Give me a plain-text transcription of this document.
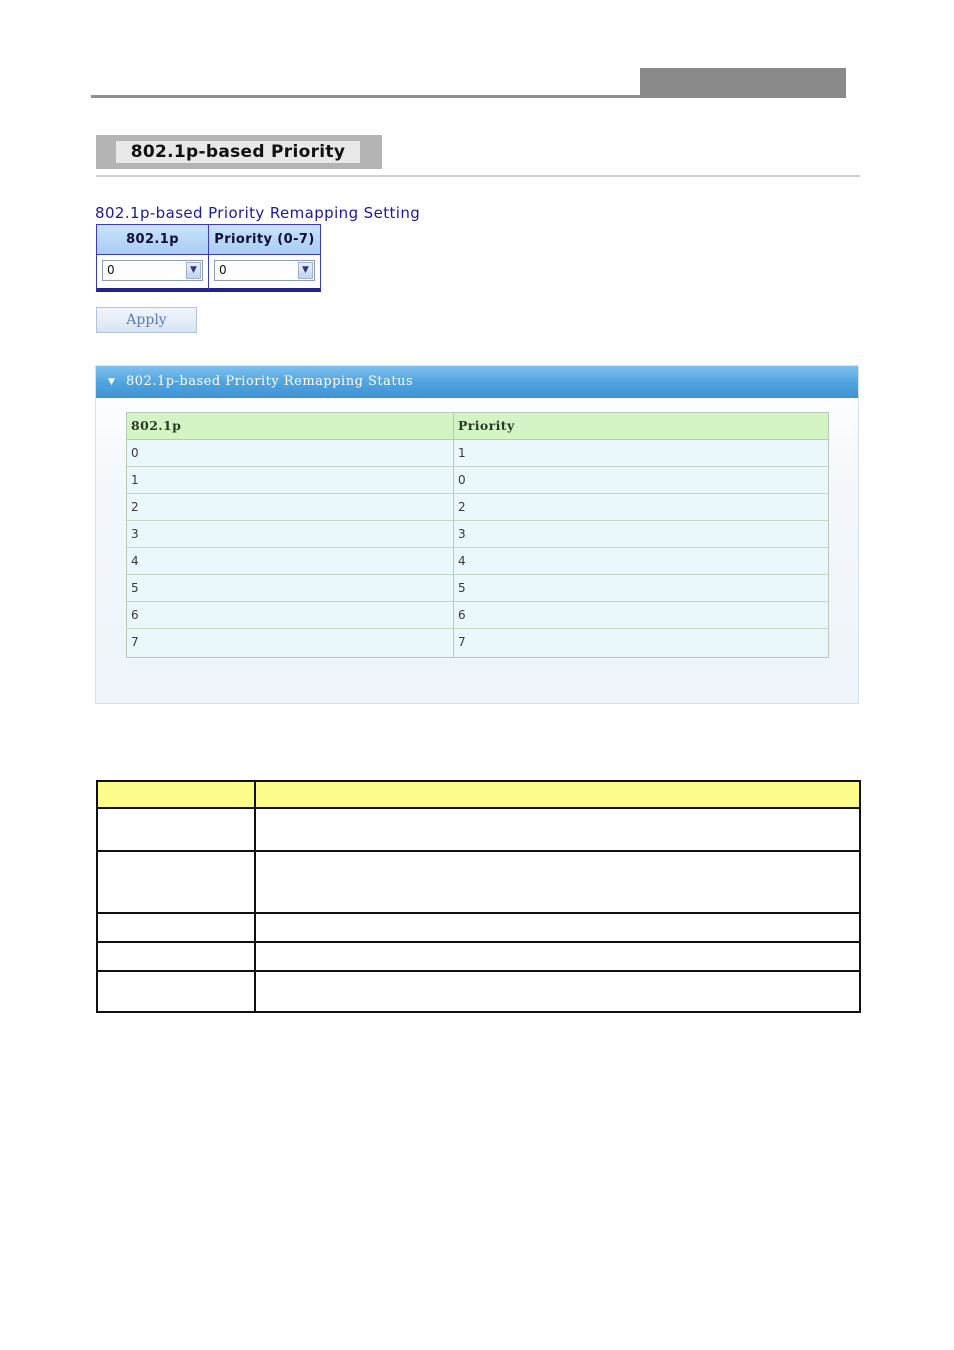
802.1p-based Priority
802.1p-based Priority Remapping Setting
802.1p	Priority (0-7)
0	▼	0	▼
Apply
▼ 802.1p-based Priority Remapping Status
802.1p	Priority
0	1
1	0
2	2
3	3
4	4
5	5
6	6
7	7
